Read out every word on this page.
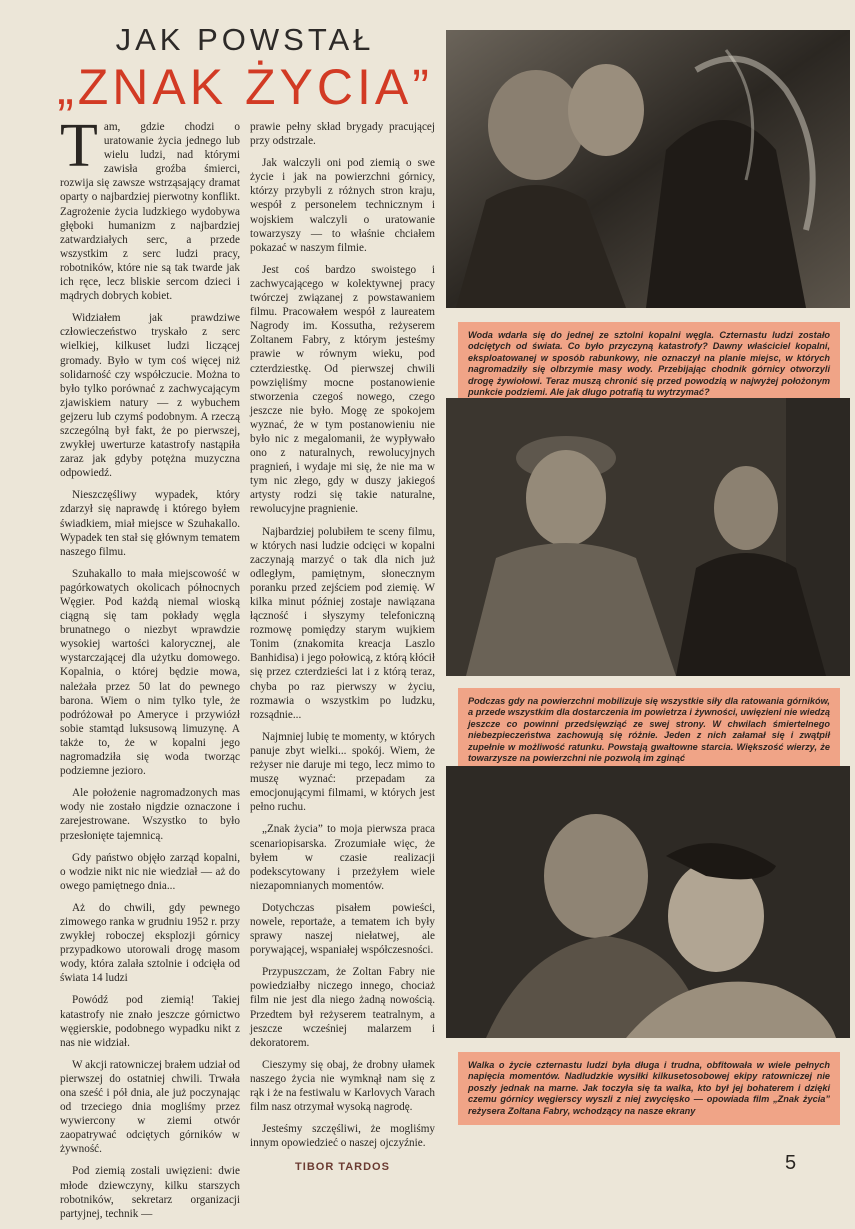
JAK POWSTAŁ
„ZNAK ŻYCIA”

Tam, gdzie chodzi o uratowanie życia jednego lub wielu ludzi, nad którymi zawisła groźba śmierci, rozwija się zawsze wstrząsający dramat oparty o najbardziej pierwotny konflikt. Zagrożenie życia ludzkiego wydobywa głęboki humanizm z najbardziej zatwardziałych serc, a przede wszystkim z serc ludzi pracy, robotników, które nie są tak twarde jak ich ręce, lecz bliskie sercom dzieci i mądrych dobrych kobiet.

Widziałem jak prawdziwe człowieczeństwo tryskało z serc wielkiej, kilkuset ludzi liczącej gromady. Było w tym coś więcej niż solidarność czy współczucie. Można to było tylko porównać z zachwycającym zjawiskiem natury — z wybuchem gejzeru lub czymś podobnym. A rzeczą szczególną był fakt, że po pierwszej, zwykłej uwerturze katastrofy nastąpiła zaraz jak gdyby potężna muzyczna odpowiedź.

Nieszczęśliwy wypadek, który zdarzył się naprawdę i którego byłem świadkiem, miał miejsce w Szuhakallo. Wypadek ten stał się głównym tematem naszego filmu.

Szuhakallo to mała miejscowość w pagórkowatych okolicach północnych Węgier. Pod każdą niemal wioską ciągną się tam pokłady węgla brunatnego o niezbyt wprawdzie wysokiej wartości kalorycznej, ale wystarczającej dla użytku domowego. Kopalnia, o której będzie mowa, należała przez 50 lat do pewnego barona. Wiem o nim tylko tyle, że podróżował po Ameryce i przywiózł sobie stamtąd luksusową limuzynę. A także to, że w kopalni jego nagromadziła się woda tworząc podziemne jezioro.

Ale położenie nagromadzonych mas wody nie zostało nigdzie oznaczone i zarejestrowane. Wszystko to było przesłonięte tajemnicą.

Gdy państwo objęło zarząd kopalni, o wodzie nikt nic nie wiedział — aż do owego pamiętnego dnia...

Aż do chwili, gdy pewnego zimowego ranka w grudniu 1952 r. przy zwykłej roboczej eksplozji górnicy przypadkowo utorowali drogę masom wody, która zalała sztolnie i odcięła od świata 14 ludzi

Powódź pod ziemią! Takiej katastrofy nie znało jeszcze górnictwo węgierskie, podobnego wypadku nikt z nas nie widział.

W akcji ratowniczej brałem udział od pierwszej do ostatniej chwili. Trwała ona sześć i pół dnia, ale już poczynając od trzeciego dnia mogliśmy przez wywiercony w ziemi otwór zaopatrywać odciętych górników w żywność.

Pod ziemią zostali uwięzieni: dwie młode dziewczyny, kilku starszych robotników, sekretarz organizacji partyjnej, technik —

prawie pełny skład brygady pracującej przy odstrzale.

Jak walczyli oni pod ziemią o swe życie i jak na powierzchni górnicy, którzy przybyli z różnych stron kraju, wespół z personelem technicznym i wojskiem walczyli o uratowanie towarzyszy — to właśnie chciałem pokazać w naszym filmie.

Jest coś bardzo swoistego i zachwycającego w kolektywnej pracy twórczej związanej z powstawaniem filmu. Pracowałem wespół z laureatem Nagrody im. Kossutha, reżyserem Zoltanem Fabry, z którym jesteśmy prawie w równym wieku, pod czterdziestkę. Od pierwszej chwili powzięliśmy mocne postanowienie stworzenia czegoś nowego, czego jeszcze nie było. Mogę ze spokojem wyznać, że w tym postanowieniu nie było nic z megalomanii, że wypływało ono z naturalnych, rewolucyjnych pragnień, i wydaje mi się, że nie ma w tym nic złego, gdy w duszy jakiegoś artysty rodzi się takie naturalne, rewolucyjne pragnienie.

Najbardziej polubiłem te sceny filmu, w których nasi ludzie odcięci w kopalni zaczynają marzyć o tak dla nich już odległym, pamiętnym, słonecznym poranku przed zejściem pod ziemię. W kilka minut później zostaje nawiązana łączność i słyszymy telefoniczną rozmowę pomiędzy starym wujkiem Tonim (znakomita kreacja Laszlo Banhidisa) i jego połowicą, z którą kłócił się przez czterdzieści lat i z którą teraz, chyba po raz pierwszy w życiu, rozmawia o wszystkim po ludzku, rozsądnie...

Najmniej lubię te momenty, w których panuje zbyt wielki... spokój. Wiem, że reżyser nie daruje mi tego, lecz mimo to muszę wyznać: przepadam za emocjonującymi filmami, w których jest pełno ruchu.

„Znak życia” to moja pierwsza praca scenariopisarska. Zrozumiałe więc, że byłem w czasie realizacji podekscytowany i przeżyłem wiele niezapomnianych momentów.

Dotychczas pisałem powieści, nowele, reportaże, a tematem ich były sprawy naszej niełatwej, ale porywającej, wspaniałej współczesności.

Przypuszczam, że Zoltan Fabry nie powiedziałby niczego innego, chociaż film nie jest dla niego żadną nowością. Przedtem był reżyserem teatralnym, a jeszcze wcześniej malarzem i dekoratorem.

Cieszymy się obaj, że drobny ułamek naszego życia nie wymknął nam się z rąk i że na festiwalu w Karlovych Varach film nasz otrzymał wysoką nagrodę.

Jesteśmy szczęśliwi, że mogliśmy innym opowiedzieć o naszej ojczyźnie.

TIBOR TARDOS
Woda wdarła się do jednej ze sztolni kopalni węgla. Czternastu ludzi zostało odciętych od świata. Co było przyczyną katastrofy? Dawny właściciel kopalni, eksploatowanej w sposób rabunkowy, nie oznaczył na planie miejsc, w których nagromadziły się olbrzymie masy wody. Przebijając chodnik górnicy otworzyli drogę żywiołowi. Teraz muszą chronić się przed powodzią w najwyżej położonym punkcie podziemi. Ale jak długo potrafią tu wytrzymać?
Podczas gdy na powierzchni mobilizuje się wszystkie siły dla ratowania górników, a przede wszystkim dla dostarczenia im powietrza i żywności, uwięzieni nie wiedzą jeszcze co powinni przedsięwziąć ze swej strony. W chwilach śmiertelnego niebezpieczeństwa zachowują się różnie. Jeden z nich załamał się i zwątpił zupełnie w możliwość ratunku. Powstają gwałtowne starcia. Większość wierzy, że towarzysze na powierzchni nie pozwolą im zginąć
Walka o życie czternastu ludzi była długa i trudna, obfitowała w wiele pełnych napięcia momentów. Nadludzkie wysiłki kilkusetosobowej ekipy ratowniczej nie poszły jednak na marne. Jak toczyła się ta walka, kto był jej bohaterem i dzięki czemu górnicy węgierscy wyszli z niej zwycięsko — opowiada film „Znak życia” reżysera Zoltana Fabry, wchodzący na nasze ekrany
5
